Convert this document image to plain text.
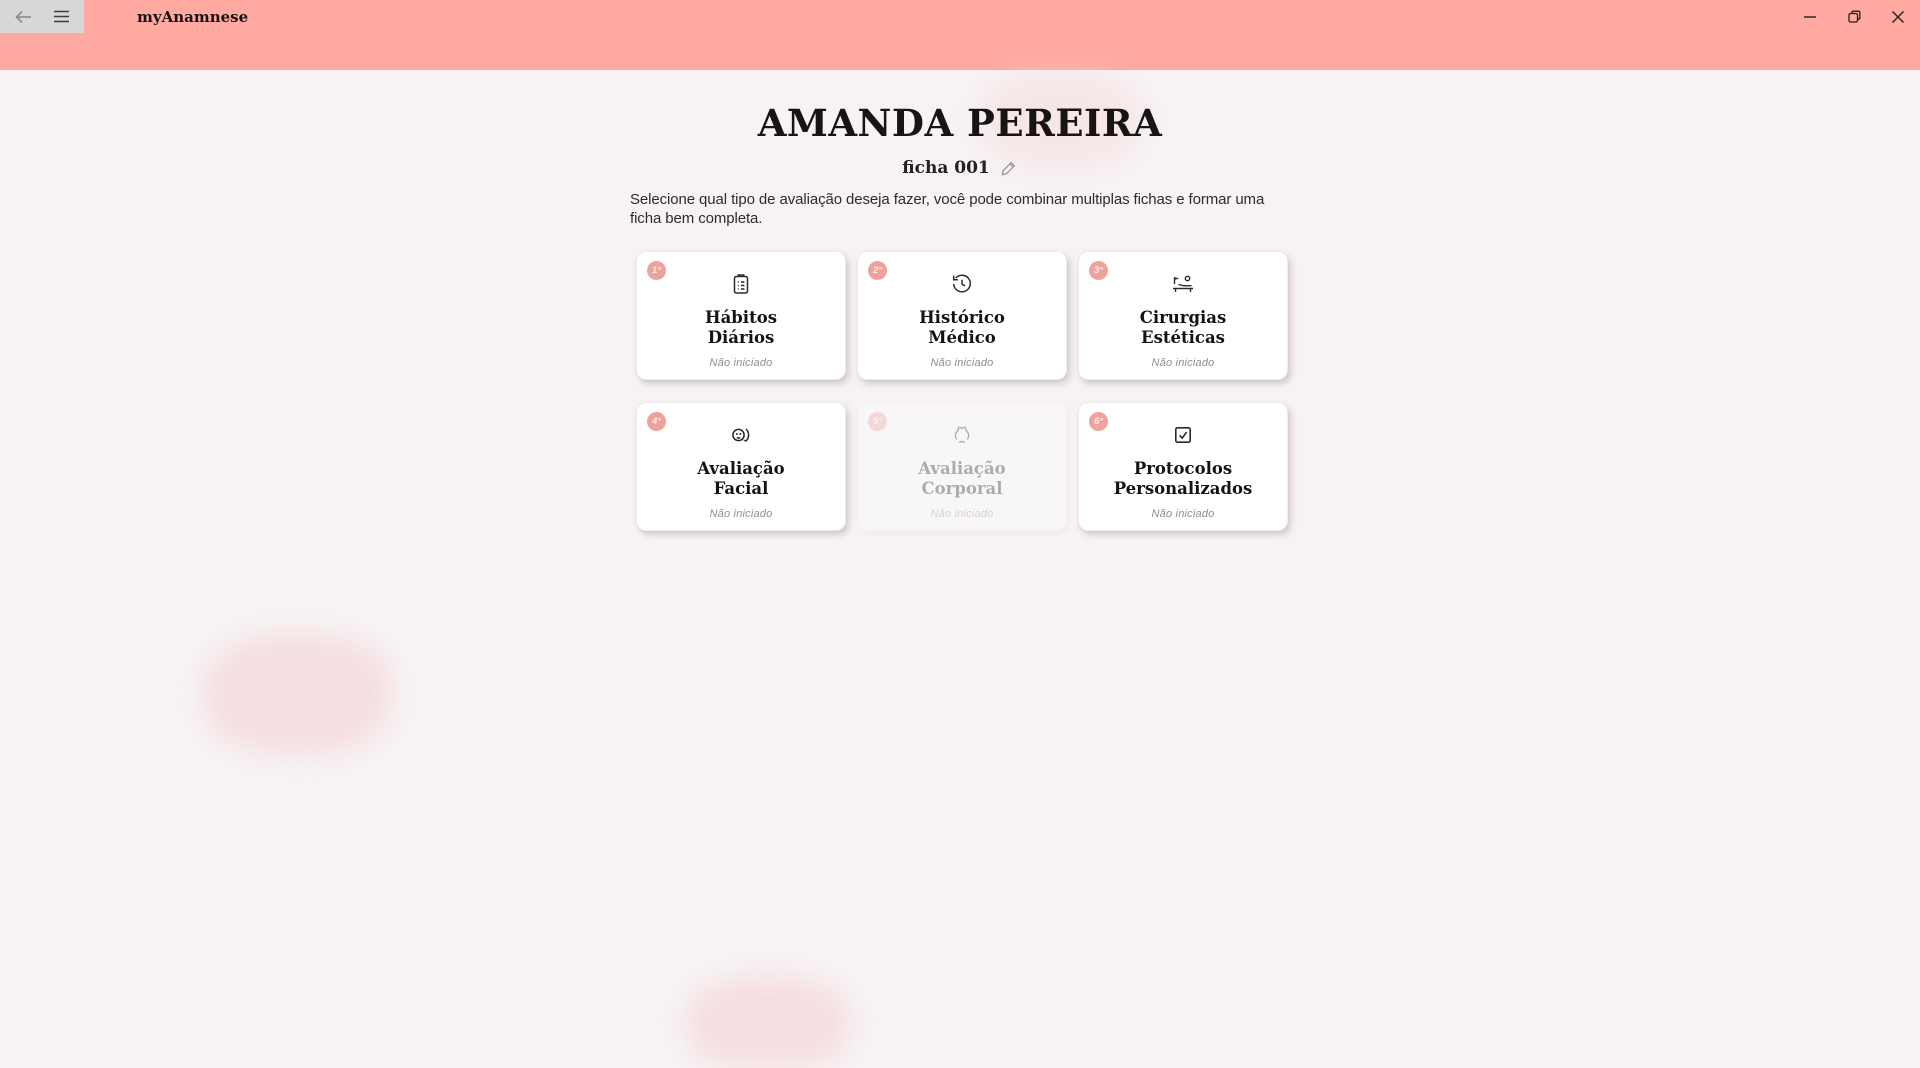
myAnamnese
AMANDA PEREIRA
ficha 001
Selecione qual tipo de avaliação deseja fazer, você pode combinar multiplas fichas e formar uma ficha bem completa.
1°
Hábitos
Diários
Não iniciado
2°
Histórico
Médico
Não iniciado
3°
Cirurgias
Estéticas
Não iniciado
4°
Avaliação
Facial
Não iniciado
5°
Avaliação
Corporal
Não iniciado
6°
Protocolos
Personalizados
Não iniciado
